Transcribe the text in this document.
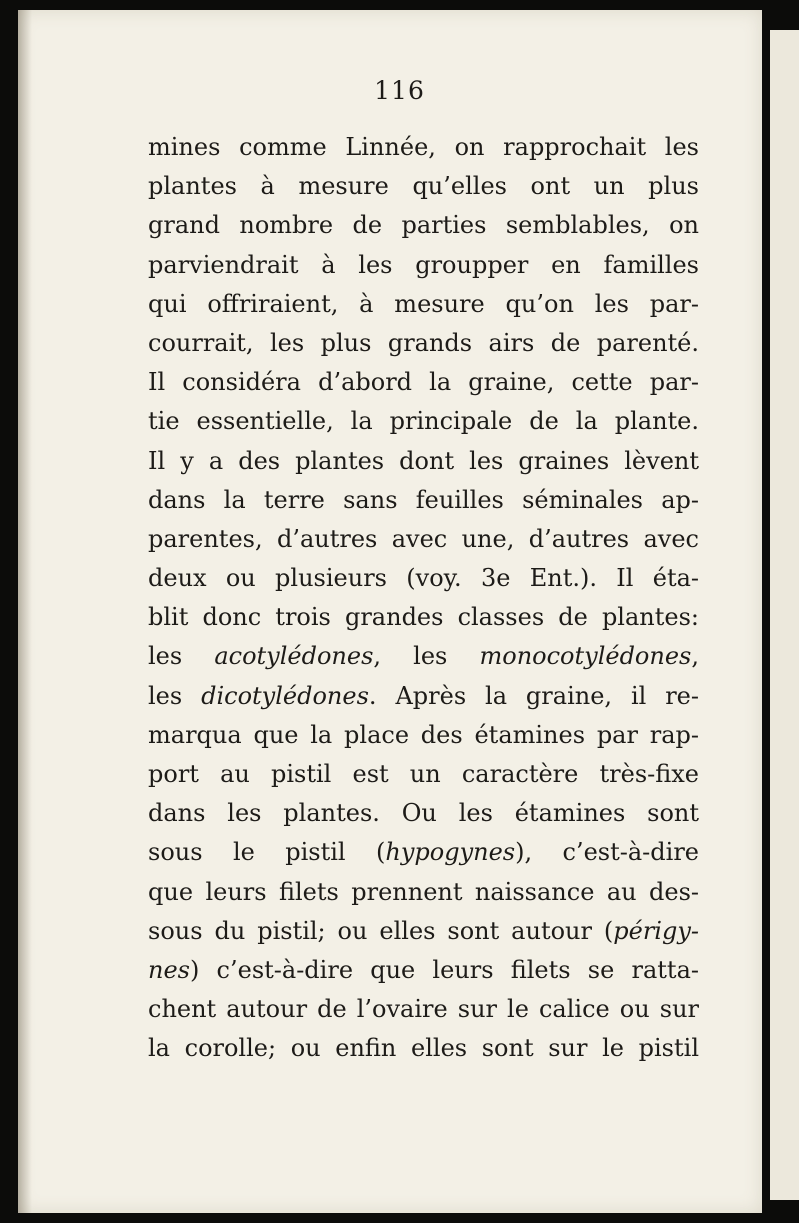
116
mines comme Linnée, on rapprochait les
plantes à mesure qu’elles ont un plus
grand nombre de parties semblables, on
parviendrait à les groupper en familles
qui offriraient, à mesure qu’on les par-
courrait, les plus grands airs de parenté.
Il considéra d’abord la graine, cette par-
tie essentielle, la principale de la plante.
Il y a des plantes dont les graines lèvent
dans la terre sans feuilles séminales ap-
parentes, d’autres avec une, d’autres avec
deux ou plusieurs (voy. 3e Ent.). Il éta-
blit donc trois grandes classes de plantes:
les acotylédones, les monocotylédones,
les dicotylédones. Après la graine, il re-
marqua que la place des étamines par rap-
port au pistil est un caractère très-fixe
dans les plantes. Ou les étamines sont
sous le pistil (hypogynes), c’est-à-dire
que leurs filets prennent naissance au des-
sous du pistil; ou elles sont autour (périgy-
nes) c’est-à-dire que leurs filets se ratta-
chent autour de l’ovaire sur le calice ou sur
la corolle; ou enfin elles sont sur le pistil
